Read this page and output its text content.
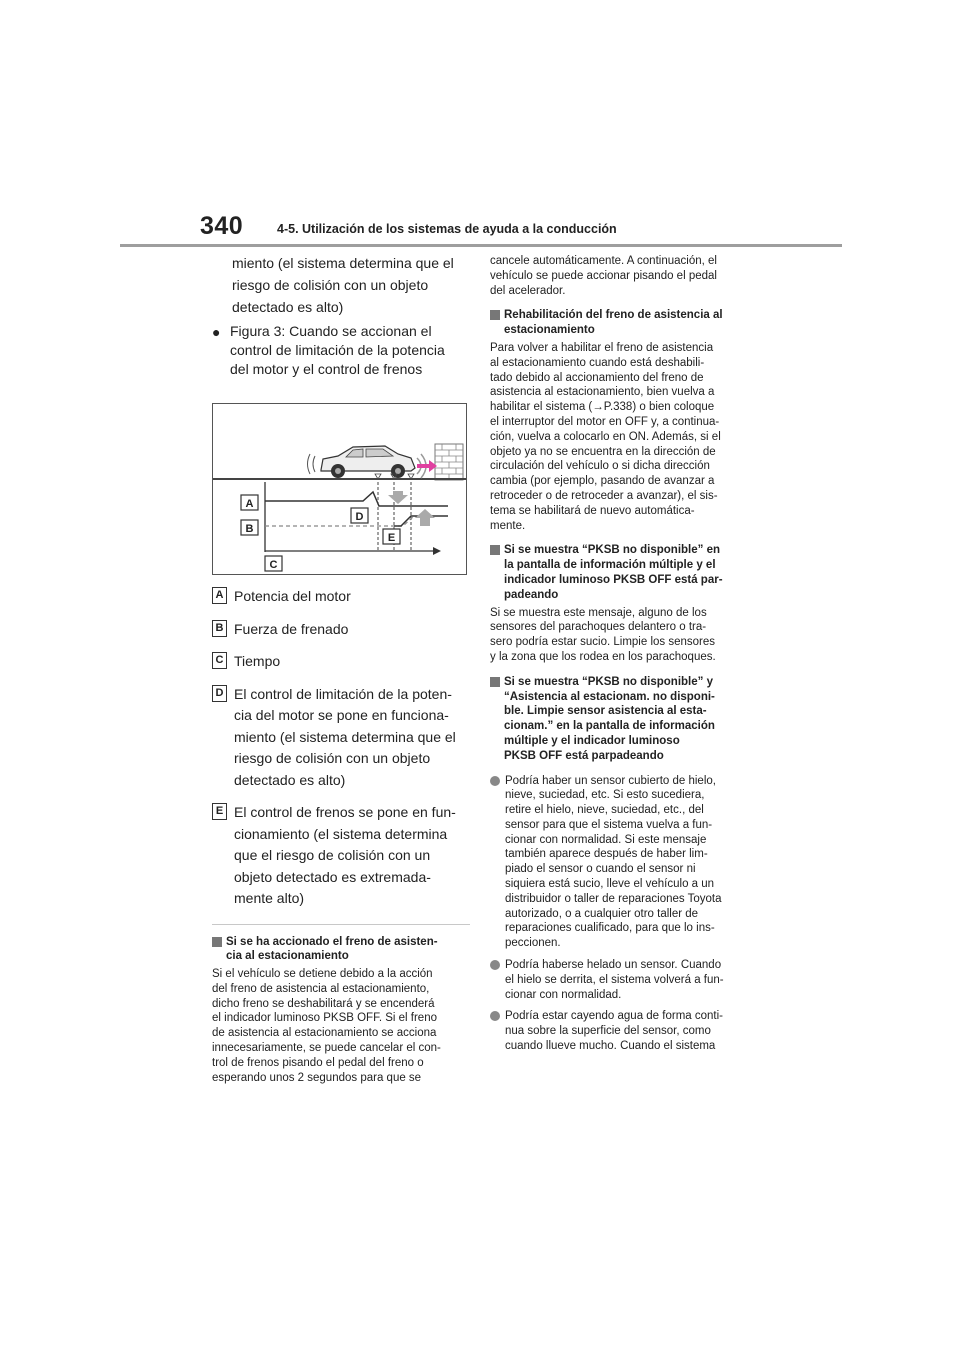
340	4-5. Utilización de los sistemas de ayuda a la conducción
miento (el sistema determina que el
riesgo de colisión con un objeto
detectado es alto)
● Figura 3: Cuando se accionan el
control de limitación de la potencia
del motor y el control de frenos
A
B
C
D
E
A Potencia del motor
B Fuerza de frenado
C Tiempo
D El control de limitación de la poten-
cia del motor se pone en funciona-
miento (el sistema determina que el
riesgo de colisión con un objeto
detectado es alto)
E El control de frenos se pone en fun-
cionamiento (el sistema determina
que el riesgo de colisión con un
objeto detectado es extremada-
mente alto)
Si se ha accionado el freno de asisten-
cia al estacionamiento
Si el vehículo se detiene debido a la acción
del freno de asistencia al estacionamiento,
dicho freno se deshabilitará y se encenderá
el indicador luminoso PKSB OFF. Si el freno
de asistencia al estacionamiento se acciona
innecesariamente, se puede cancelar el con-
trol de frenos pisando el pedal del freno o
esperando unos 2 segundos para que se
cancele automáticamente. A continuación, el
vehículo se puede accionar pisando el pedal
del acelerador.
Rehabilitación del freno de asistencia al
estacionamiento
Para volver a habilitar el freno de asistencia
al estacionamiento cuando está deshabili-
tado debido al accionamiento del freno de
asistencia al estacionamiento, bien vuelva a
habilitar el sistema (→P.338) o bien coloque
el interruptor del motor en OFF y, a continua-
ción, vuelva a colocarlo en ON. Además, si el
objeto ya no se encuentra en la dirección de
circulación del vehículo o si dicha dirección
cambia (por ejemplo, pasando de avanzar a
retroceder o de retroceder a avanzar), el sis-
tema se habilitará de nuevo automática-
mente.
Si se muestra “PKSB no disponible” en
la pantalla de información múltiple y el
indicador luminoso PKSB OFF está par-
padeando
Si se muestra este mensaje, alguno de los
sensores del parachoques delantero o tra-
sero podría estar sucio. Limpie los sensores
y la zona que los rodea en los parachoques.
Si se muestra “PKSB no disponible” y
“Asistencia al estacionam. no disponi-
ble. Limpie sensor asistencia al esta-
cionam.” en la pantalla de información
múltiple y el indicador luminoso
PKSB OFF está parpadeando
Podría haber un sensor cubierto de hielo,
nieve, suciedad, etc. Si esto sucediera,
retire el hielo, nieve, suciedad, etc., del
sensor para que el sistema vuelva a fun-
cionar con normalidad. Si este mensaje
también aparece después de haber lim-
piado el sensor o cuando el sensor ni
siquiera está sucio, lleve el vehículo a un
distribuidor o taller de reparaciones Toyota
autorizado, o a cualquier otro taller de
reparaciones cualificado, para que lo ins-
peccionen.
Podría haberse helado un sensor. Cuando
el hielo se derrita, el sistema volverá a fun-
cionar con normalidad.
Podría estar cayendo agua de forma conti-
nua sobre la superficie del sensor, como
cuando llueve mucho. Cuando el sistema
